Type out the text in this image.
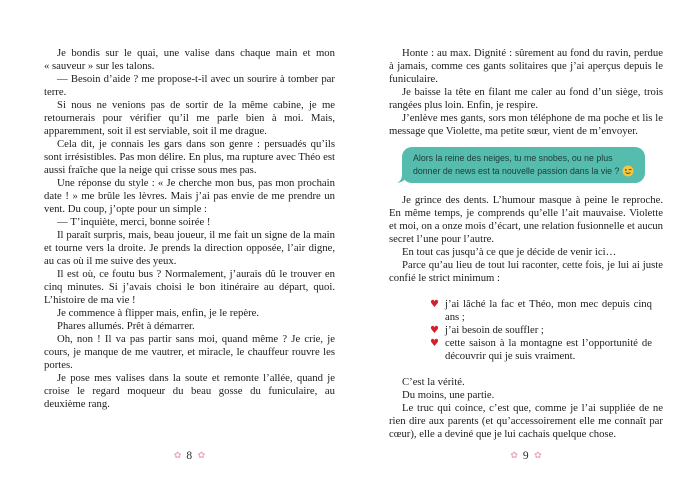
Je bondis sur le quai, une valise dans chaque main et mon « sauveur » sur les talons.
— Besoin d’aide ? me propose-t-il avec un sourire à tomber par terre.
Si nous ne venions pas de sortir de la même cabine, je me retournerais pour vérifier qu’il me parle bien à moi. Mais, apparemment, soit il est serviable, soit il me drague.
Cela dit, je connais les gars dans son genre : persuadés qu’ils sont irrésistibles. Pas mon délire. En plus, ma rupture avec Théo est aussi fraîche que la neige qui crisse sous mes pas.
Une réponse du style : « Je cherche mon bus, pas mon prochain date ! » me brûle les lèvres. Mais j’ai pas envie de me prendre un vent. Du coup, j’opte pour un simple :
— T’inquiète, merci, bonne soirée !
Il paraît surpris, mais, beau joueur, il me fait un signe de la main et tourne vers la droite. Je prends la direction opposée, l’air digne, au cas où il me suive des yeux.
Il est où, ce foutu bus ? Normalement, j’aurais dû le trouver en cinq minutes. Si j’avais choisi le bon itinéraire au départ, quoi. L’histoire de ma vie !
Je commence à flipper mais, enfin, je le repère.
Phares allumés. Prêt à démarrer.
Oh, non ! Il va pas partir sans moi, quand même ? Je crie, je cours, je manque de me vautrer, et miracle, le chauffeur rouvre les portes.
Je pose mes valises dans la soute et remonte l’allée, quand je croise le regard moqueur du beau gosse du funiculaire, au deuxième rang.
✿ 8 ✿
Honte : au max. Dignité : sûrement au fond du ravin, perdue à jamais, comme ces gants solitaires que j’ai aperçus depuis le funiculaire.
Je baisse la tête en filant me caler au fond d’un siège, trois rangées plus loin. Enfin, je respire.
J’enlève mes gants, sors mon téléphone de ma poche et lis le message que Violette, ma petite sœur, vient de m’envoyer.
Alors la reine des neiges, tu me snobes, ou ne plus
donner de news est ta nouvelle passion dans la vie ?
Je grince des dents. L’humour masque à peine le reproche. En même temps, je comprends qu’elle l’ait mauvaise. Violette et moi, on a onze mois d’écart, une relation fusionnelle et aucun secret l’une pour l’autre.
En tout cas jusqu’à ce que je décide de venir ici…
Parce qu’au lieu de tout lui raconter, cette fois, je lui ai juste confié le strict minimum :
♥ j’ai lâché la fac et Théo, mon mec depuis cinq ans ;
♥ j’ai besoin de souffler ;
♥ cette saison à la montagne est l’opportunité de découvrir qui je suis vraiment.
C’est la vérité.
Du moins, une partie.
Le truc qui coince, c’est que, comme je l’ai suppliée de ne rien dire aux parents (et qu’accessoirement elle me connaît par cœur), elle a deviné que je lui cachais quelque chose.
✿ 9 ✿
